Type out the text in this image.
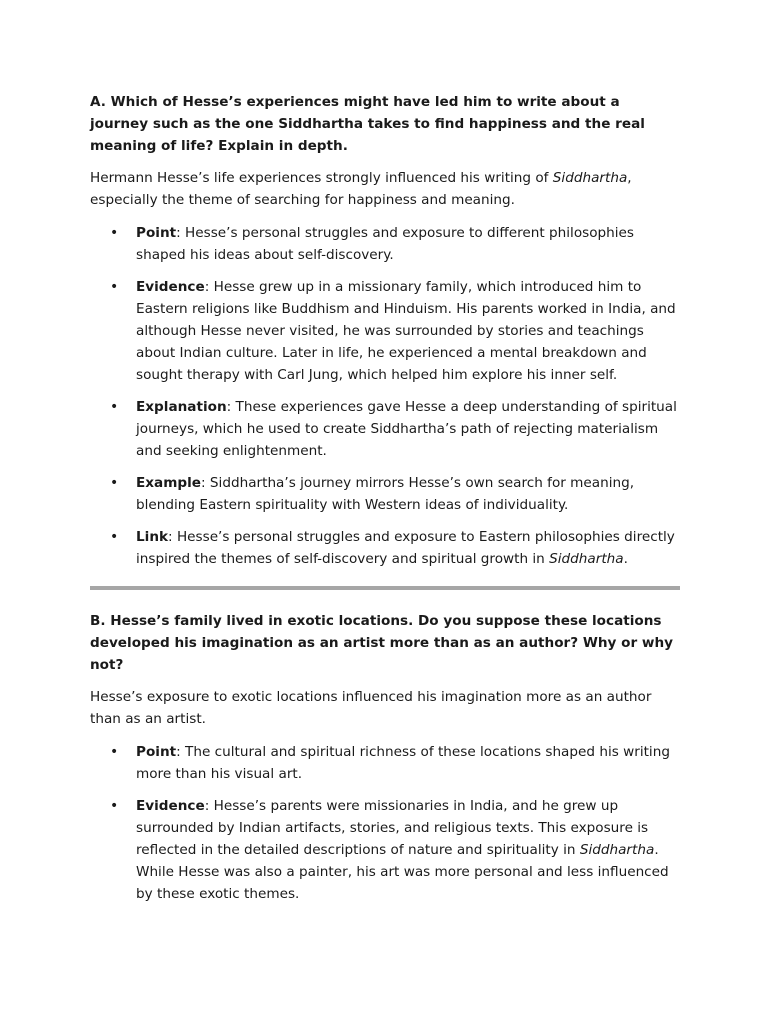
A. Which of Hesse’s experiences might have led him to write about a journey such as the one Siddhartha takes to find happiness and the real meaning of life? Explain in depth.

Hermann Hesse’s life experiences strongly influenced his writing of Siddhartha, especially the theme of searching for happiness and meaning.

• Point: Hesse’s personal struggles and exposure to different philosophies shaped his ideas about self-discovery.
• Evidence: Hesse grew up in a missionary family, which introduced him to Eastern religions like Buddhism and Hinduism. His parents worked in India, and although Hesse never visited, he was surrounded by stories and teachings about Indian culture. Later in life, he experienced a mental breakdown and sought therapy with Carl Jung, which helped him explore his inner self.
• Explanation: These experiences gave Hesse a deep understanding of spiritual journeys, which he used to create Siddhartha’s path of rejecting materialism and seeking enlightenment.
• Example: Siddhartha’s journey mirrors Hesse’s own search for meaning, blending Eastern spirituality with Western ideas of individuality.
• Link: Hesse’s personal struggles and exposure to Eastern philosophies directly inspired the themes of self-discovery and spiritual growth in Siddhartha.

B. Hesse’s family lived in exotic locations. Do you suppose these locations developed his imagination as an artist more than as an author? Why or why not?

Hesse’s exposure to exotic locations influenced his imagination more as an author than as an artist.

• Point: The cultural and spiritual richness of these locations shaped his writing more than his visual art.
• Evidence: Hesse’s parents were missionaries in India, and he grew up surrounded by Indian artifacts, stories, and religious texts. This exposure is reflected in the detailed descriptions of nature and spirituality in Siddhartha. While Hesse was also a painter, his art was more personal and less influenced by these exotic themes.
